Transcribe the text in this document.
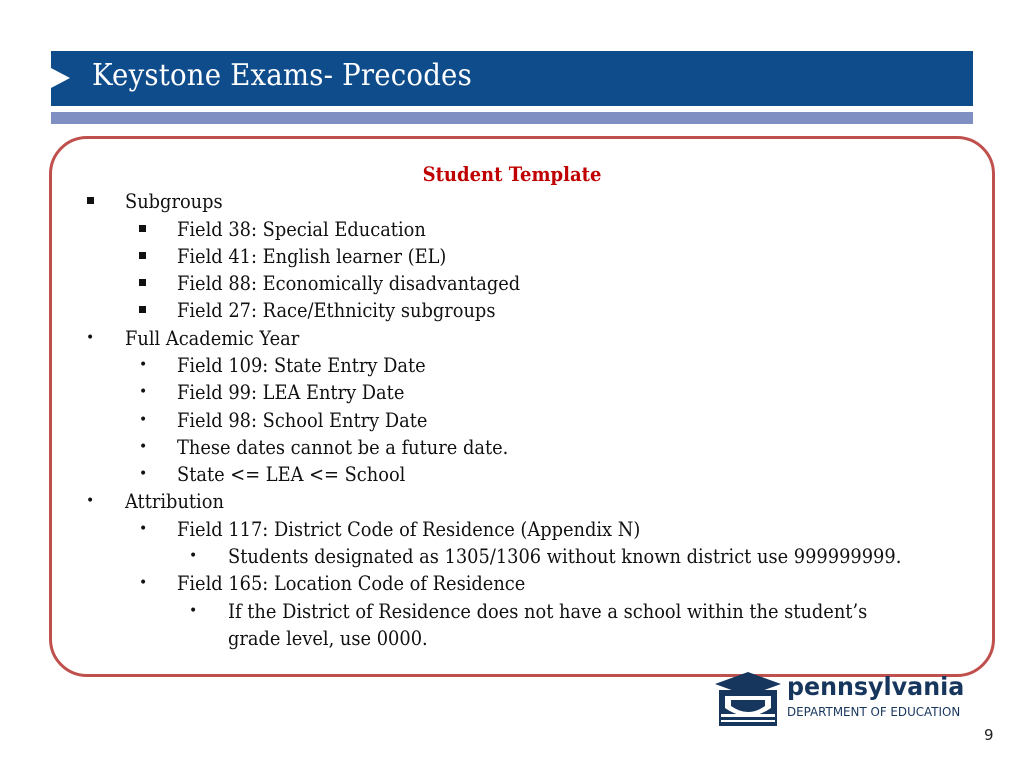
Keystone Exams- Precodes
Student Template
Subgroups
Field 38: Special Education
Field 41: English learner (EL)
Field 88: Economically disadvantaged
Field 27: Race/Ethnicity subgroups
• Full Academic Year
• Field 109: State Entry Date
• Field 99: LEA Entry Date
• Field 98: School Entry Date
• These dates cannot be a future date.
• State <= LEA <= School
• Attribution
• Field 117: District Code of Residence (Appendix N)
• Students designated as 1305/1306 without known district use 999999999.
• Field 165: Location Code of Residence
• If the District of Residence does not have a school within the student’s
grade level, use 0000.
pennsylvania
DEPARTMENT OF EDUCATION
9
